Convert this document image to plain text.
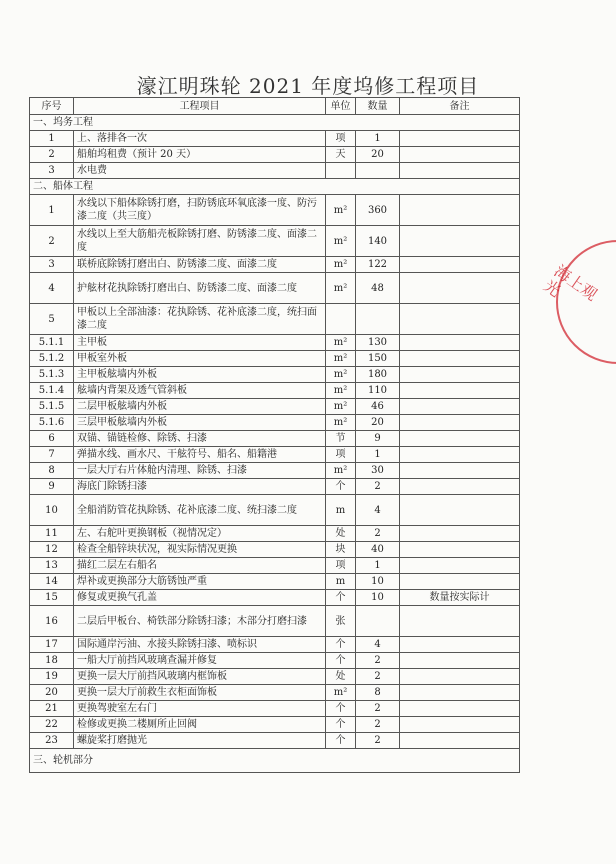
濠江明珠轮 2021 年度坞修工程项目
序号	工程项目	单位	数量	备注
一、坞务工程				
1	上、落排各一次	项	1	
2	船舶坞租费（预计 20 天）	天	20	
3	水电费			
二、船体工程				
1	水线以下船体除锈打磨，扫防锈底环氧底漆一度、防污漆二度（共三度）	m²	360	
2	水线以上至大筋船壳板除锈打磨、防锈漆二度、面漆二度	m²	140	
3	联桥底除锈打磨出白、防锈漆二度、面漆二度	m²	122	
4	护舷材花执除锈打磨出白、防锈漆二度、面漆二度	m²	48	
5	甲板以上全部油漆：花执除锈、花补底漆二度，统扫面漆二度			
5.1.1	主甲板	m²	130	
5.1.2	甲板室外板	m²	150	
5.1.3	主甲板舷墙内外板	m²	180	
5.1.4	舷墙内背架及透气管斜板	m²	110	
5.1.5	二层甲板舷墙内外板	m²	46	
5.1.6	三层甲板舷墙内外板	m²	20	
6	双锚、锚链检修、除锈、扫漆	节	9	
7	弹描水线、画水尺、干舷符号、船名、船籍港	项	1	
8	一层大厅右片体舱内清理、除锈、扫漆	m²	30	
9	海底门除锈扫漆	个	2	
10	全船消防管花执除锈、花补底漆二度、统扫漆二度	m	4	
11	左、右舵叶更换钢板（视情况定）	处	2	
12	检查全船锌块状况，视实际情况更换	块	40	
13	描红二层左右船名	项	1	
14	焊补或更换部分大筋锈蚀严重	m	10	
15	修复或更换气孔盖	个	10	数量按实际计
16	二层后甲板台、椅铁部分除锈扫漆；木部分打磨扫漆	张		
17	国际通岸污油、水接头除锈扫漆、喷标识	个	4	
18	一船大厅前挡风玻璃查漏并修复	个	2	
19	更换一层大厅前挡风玻璃内框饰板	处	2	
20	更换一层大厅前救生衣柜面饰板	m²	8	
21	更换驾驶室左右门	个	2	
22	检修或更换二楼厕所止回阀	个	2	
23	螺旋桨打磨抛光	个	2	
三、轮机部分				
海上观光
